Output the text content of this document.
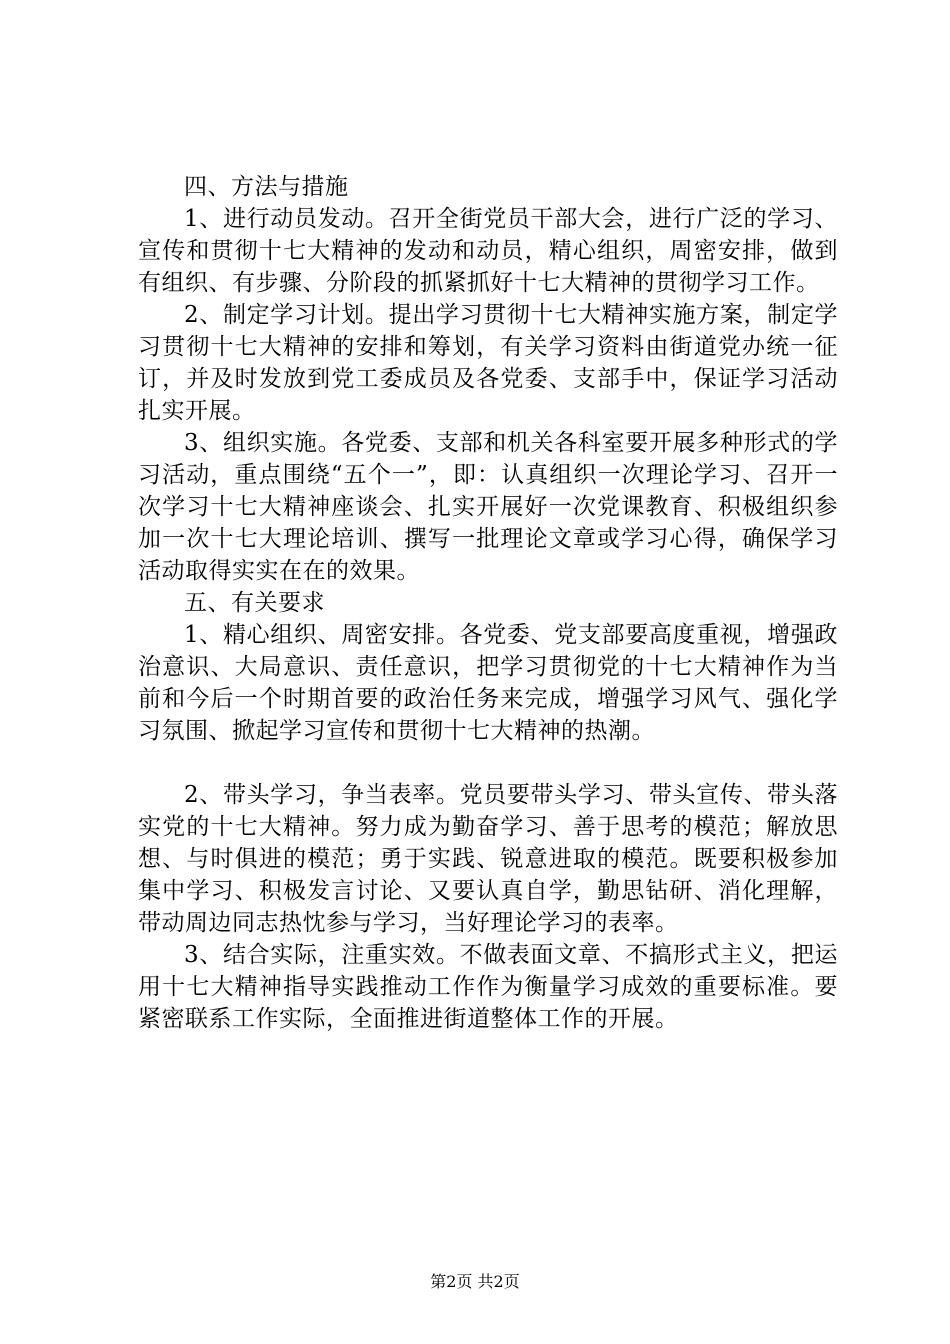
四、方法与措施

1、进行动员发动。召开全街党员干部大会，进行广泛的学习、宣传和贯彻十七大精神的发动和动员，精心组织，周密安排，做到有组织、有步骤、分阶段的抓紧抓好十七大精神的贯彻学习工作。

2、制定学习计划。提出学习贯彻十七大精神实施方案，制定学习贯彻十七大精神的安排和筹划，有关学习资料由街道党办统一征订，并及时发放到党工委成员及各党委、支部手中，保证学习活动扎实开展。

3、组织实施。各党委、支部和机关各科室要开展多种形式的学习活动，重点围绕“五个一”，即：认真组织一次理论学习、召开一次学习十七大精神座谈会、扎实开展好一次党课教育、积极组织参加一次十七大理论培训、撰写一批理论文章或学习心得，确保学习活动取得实实在在的效果。

五、有关要求

1、精心组织、周密安排。各党委、党支部要高度重视，增强政治意识、大局意识、责任意识，把学习贯彻党的十七大精神作为当前和今后一个时期首要的政治任务来完成，增强学习风气、强化学习氛围、掀起学习宣传和贯彻十七大精神的热潮。

2、带头学习，争当表率。党员要带头学习、带头宣传、带头落实党的十七大精神。努力成为勤奋学习、善于思考的模范；解放思想、与时俱进的模范；勇于实践、锐意进取的模范。既要积极参加集中学习、积极发言讨论、又要认真自学，勤思钻研、消化理解，带动周边同志热忱参与学习，当好理论学习的表率。

3、结合实际，注重实效。不做表面文章、不搞形式主义，把运用十七大精神指导实践推动工作作为衡量学习成效的重要标准。要紧密联系工作实际，全面推进街道整体工作的开展。

第2页 共2页
